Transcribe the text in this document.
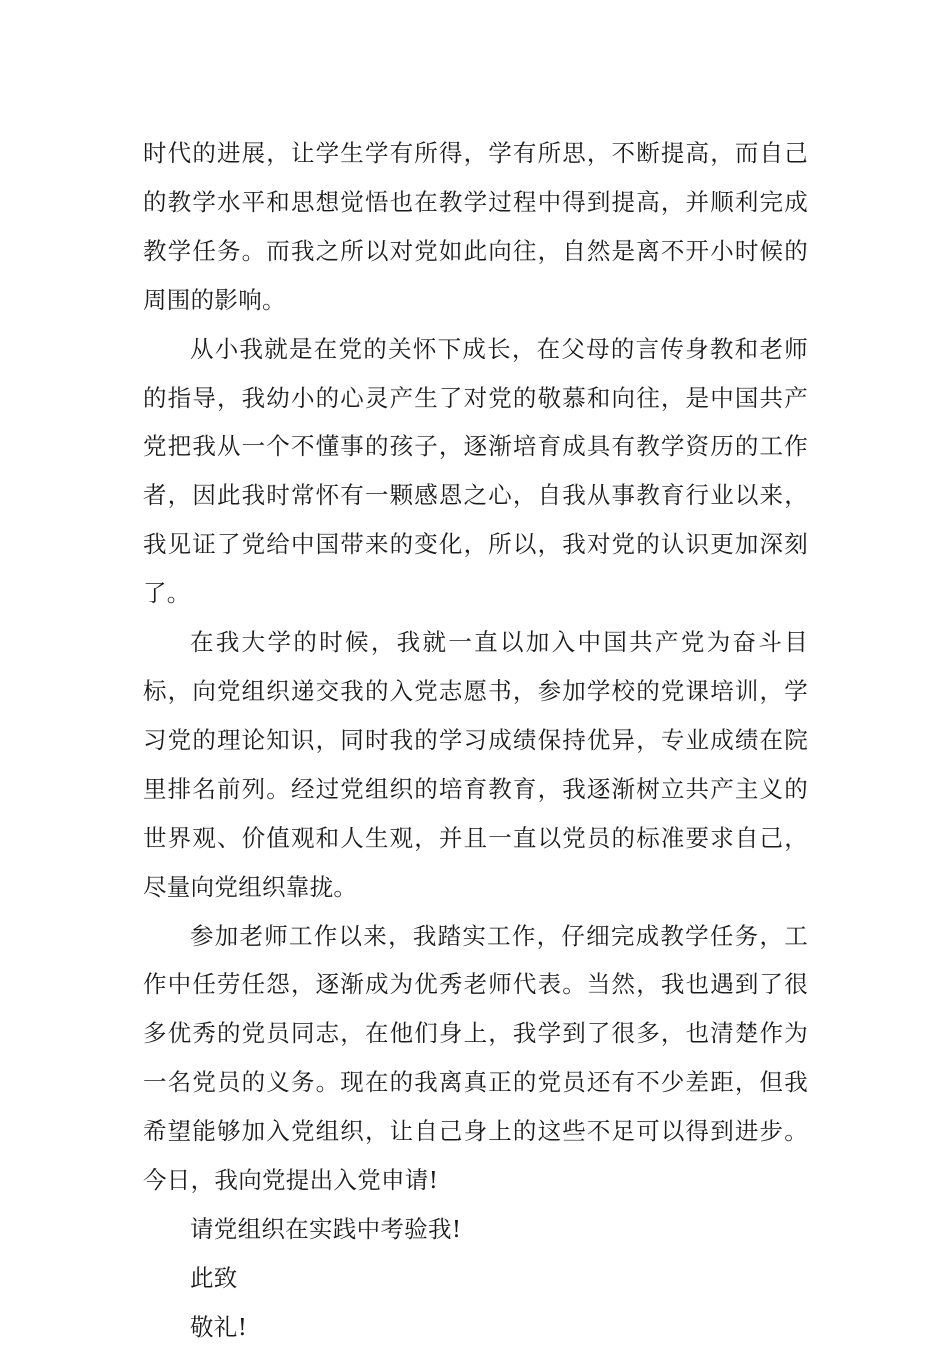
时代的进展，让学生学有所得，学有所思，不断提高，而自己的教学水平和思想觉悟也在教学过程中得到提高，并顺利完成教学任务。而我之所以对党如此向往，自然是离不开小时候的周围的影响。

从小我就是在党的关怀下成长，在父母的言传身教和老师的指导，我幼小的心灵产生了对党的敬慕和向往，是中国共产党把我从一个不懂事的孩子，逐渐培育成具有教学资历的工作者，因此我时常怀有一颗感恩之心，自我从事教育行业以来，我见证了党给中国带来的变化，所以，我对党的认识更加深刻了。

在我大学的时候，我就一直以加入中国共产党为奋斗目标，向党组织递交我的入党志愿书，参加学校的党课培训，学习党的理论知识，同时我的学习成绩保持优异，专业成绩在院里排名前列。经过党组织的培育教育，我逐渐树立共产主义的世界观、价值观和人生观，并且一直以党员的标准要求自己，尽量向党组织靠拢。

参加老师工作以来，我踏实工作，仔细完成教学任务，工作中任劳任怨，逐渐成为优秀老师代表。当然，我也遇到了很多优秀的党员同志，在他们身上，我学到了很多，也清楚作为一名党员的义务。现在的我离真正的党员还有不少差距，但我希望能够加入党组织，让自己身上的这些不足可以得到进步。今日，我向党提出入党申请!

请党组织在实践中考验我!

此致

敬礼!
